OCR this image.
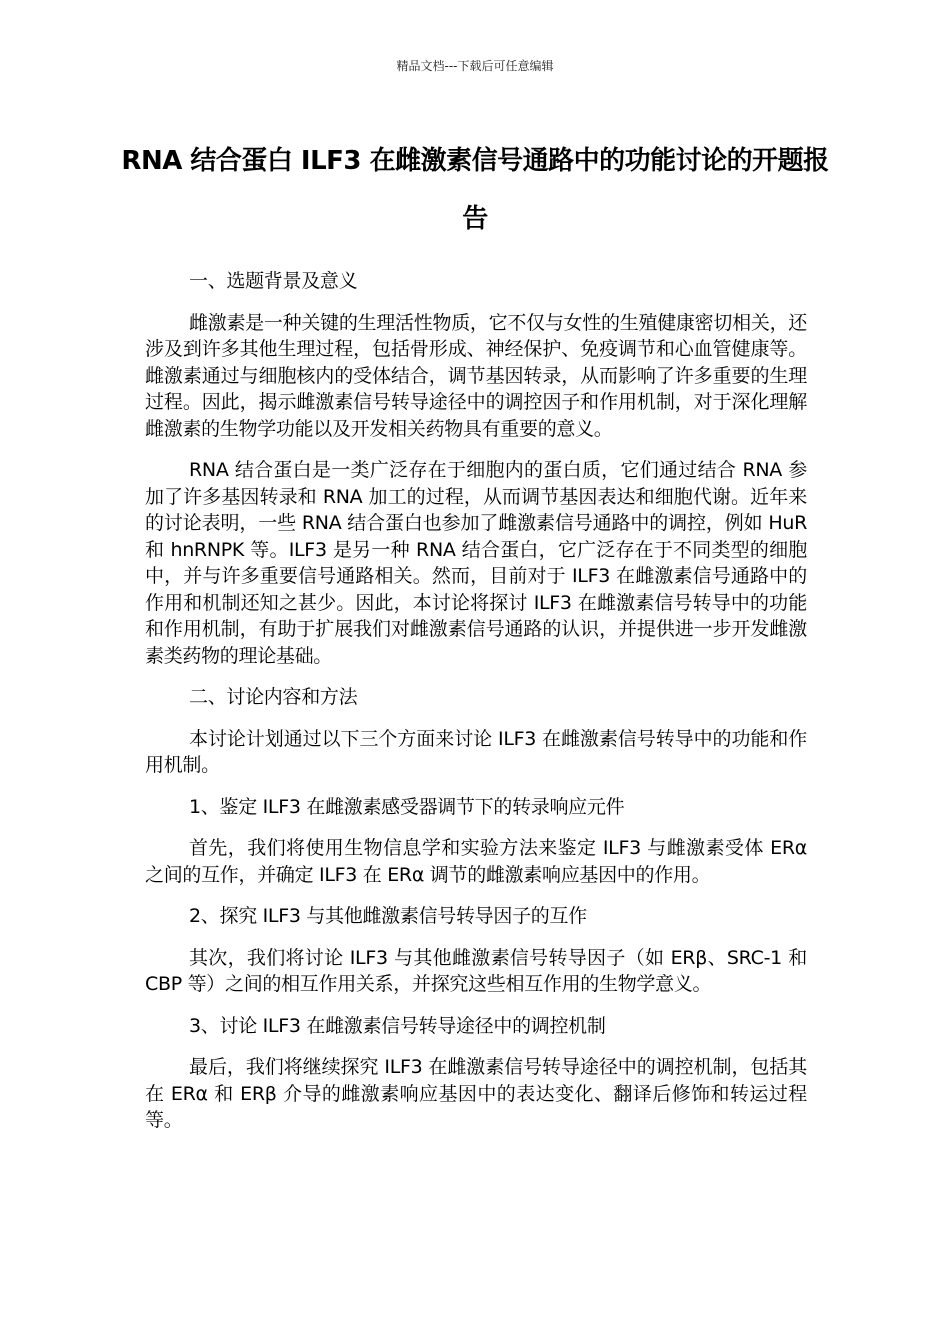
精品文档---下载后可任意编辑
RNA 结合蛋白 ILF3 在雌激素信号通路中的功能讨论的开题报告

一、选题背景及意义

雌激素是一种关键的生理活性物质，它不仅与女性的生殖健康密切相关，还涉及到许多其他生理过程，包括骨形成、神经保护、免疫调节和心血管健康等。雌激素通过与细胞核内的受体结合，调节基因转录，从而影响了许多重要的生理过程。因此，揭示雌激素信号转导途径中的调控因子和作用机制，对于深化理解雌激素的生物学功能以及开发相关药物具有重要的意义。

RNA 结合蛋白是一类广泛存在于细胞内的蛋白质，它们通过结合 RNA 参加了许多基因转录和 RNA 加工的过程，从而调节基因表达和细胞代谢。近年来的讨论表明，一些 RNA 结合蛋白也参加了雌激素信号通路中的调控，例如 HuR 和 hnRNPK 等。ILF3 是另一种 RNA 结合蛋白，它广泛存在于不同类型的细胞中，并与许多重要信号通路相关。然而，目前对于 ILF3 在雌激素信号通路中的作用和机制还知之甚少。因此，本讨论将探讨 ILF3 在雌激素信号转导中的功能和作用机制，有助于扩展我们对雌激素信号通路的认识，并提供进一步开发雌激素类药物的理论基础。

二、讨论内容和方法

本讨论计划通过以下三个方面来讨论 ILF3 在雌激素信号转导中的功能和作用机制。

1、鉴定 ILF3 在雌激素感受器调节下的转录响应元件

首先，我们将使用生物信息学和实验方法来鉴定 ILF3 与雌激素受体 ERα 之间的互作，并确定 ILF3 在 ERα 调节的雌激素响应基因中的作用。

2、探究 ILF3 与其他雌激素信号转导因子的互作

其次，我们将讨论 ILF3 与其他雌激素信号转导因子（如 ERβ、SRC-1 和 CBP 等）之间的相互作用关系，并探究这些相互作用的生物学意义。

3、讨论 ILF3 在雌激素信号转导途径中的调控机制

最后，我们将继续探究 ILF3 在雌激素信号转导途径中的调控机制，包括其在 ERα 和 ERβ 介导的雌激素响应基因中的表达变化、翻译后修饰和转运过程等。
